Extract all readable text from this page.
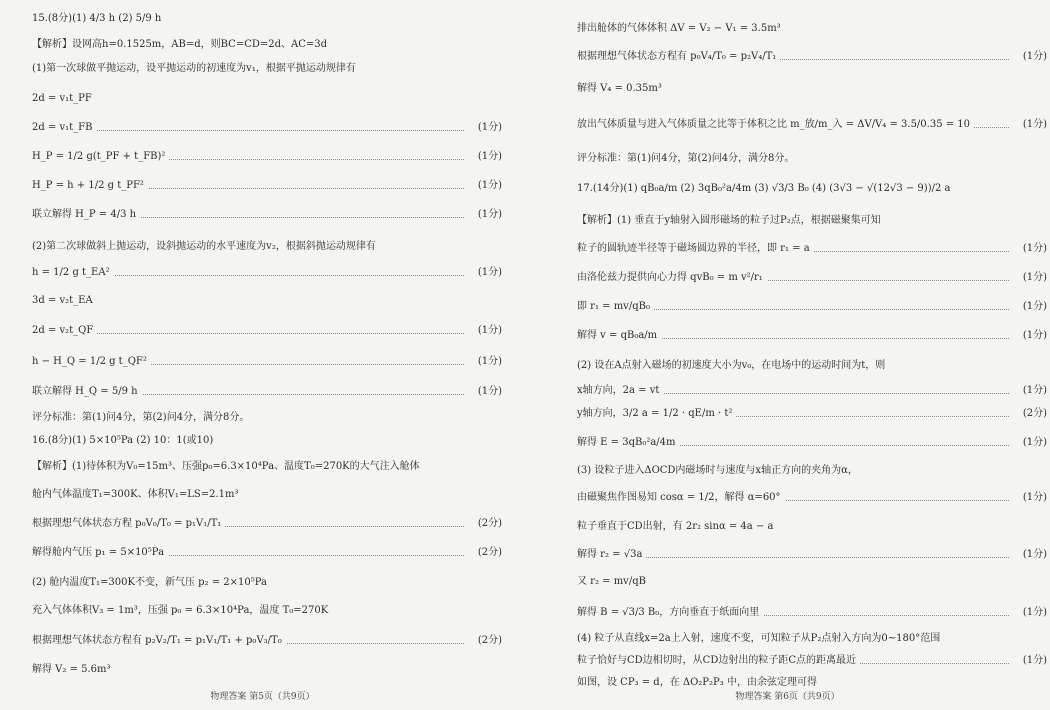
15.(8分)(1) 4/3 h (2) 5/9 h
【解析】设网高h=0.1525m，AB=d，则BC=CD=2d、AC=3d
(1)第一次球做平抛运动，设平抛运动的初速度为v₁，根据平抛运动规律有
2d = v₁t_PF
2d = v₁t_FB	(1分)
H_P = 1/2 g(t_PF + t_FB)²	(1分)
H_P = h + 1/2 g t_PF²	(1分)
联立解得 H_P = 4/3 h	(1分)
(2)第二次球做斜上抛运动，设斜抛运动的水平速度为v₂，根据斜抛运动规律有
h = 1/2 g t_EA²	(1分)
3d = v₂t_EA
2d = v₂t_QF	(1分)
h − H_Q = 1/2 g t_QF²	(1分)
联立解得 H_Q = 5/9 h	(1分)
评分标准：第(1)问4分，第(2)问4分，满分8分。
16.(8分)(1) 5×10⁵Pa (2) 10：1(或10)
【解析】(1)待体积为V₀=15m³、压强p₀=6.3×10⁴Pa、温度T₀=270K的大气注入舱体
舱内气体温度T₁=300K、体积V₁=LS=2.1m³
根据理想气体状态方程 p₀V₀/T₀ = p₁V₁/T₁	(2分)
解得舱内气压 p₁ = 5×10⁵Pa	(2分)
(2) 舱内温度T₁=300K不变，新气压 p₂ = 2×10⁵Pa
充入气体体积V₃ = 1m³，压强 p₀ = 6.3×10⁴Pa，温度 T₀=270K
根据理想气体状态方程有 p₂V₂/T₁ = p₁V₁/T₁ + p₀V₃/T₀	(2分)
解得 V₂ = 5.6m³
物理答案 第5页（共9页）
排出舱体的气体体积 ΔV = V₂ − V₁ = 3.5m³
根据理想气体状态方程有 p₀V₄/T₀ = p₂V₄/T₁	(1分)
解得 V₄ = 0.35m³
放出气体质量与进入气体质量之比等于体积之比 m_放/m_入 = ΔV/V₄ = 3.5/0.35 = 10	(1分)
评分标准：第(1)问4分，第(2)问4分，满分8分。
17.(14分)(1) qB₀a/m (2) 3qB₀²a/4m (3) √3/3 B₀ (4) (3√3 − √(12√3 − 9))/2 a
【解析】(1) 垂直于y轴射入圆形磁场的粒子过P₂点，根据磁聚集可知
粒子的圆轨迹半径等于磁场圆边界的半径，即 r₁ = a	(1分)
由洛伦兹力提供向心力得 qvB₀ = m v²/r₁	(1分)
即 r₁ = mv/qB₀	(1分)
解得 v = qB₀a/m	(1分)
(2) 设在A点射入磁场的初速度大小为v₀，在电场中的运动时间为t，则
x轴方向，2a = vt	(1分)
y轴方向，3/2 a = 1/2 · qE/m · t²	(2分)
解得 E = 3qB₀²a/4m	(1分)
(3) 设粒子进入ΔOCD内磁场时与速度与x轴正方向的夹角为α，
由磁聚焦作图易知 cosα = 1/2，解得 α=60°	(1分)
粒子垂直于CD出射，有 2r₂ sinα = 4a − a
解得 r₂ = √3a	(1分)
又 r₂ = mv/qB
解得 B = √3/3 B₀，方向垂直于纸面向里	(1分)
(4) 粒子从直线x=2a上入射，速度不变，可知粒子从P₂点射入方向为0~180°范围
粒子恰好与CD边相切时，从CD边射出的粒子距C点的距离最近	(1分)
如图，设 CP₃ = d，在 ΔO₂P₂P₃ 中，由余弦定理可得
物理答案 第6页（共9页）
